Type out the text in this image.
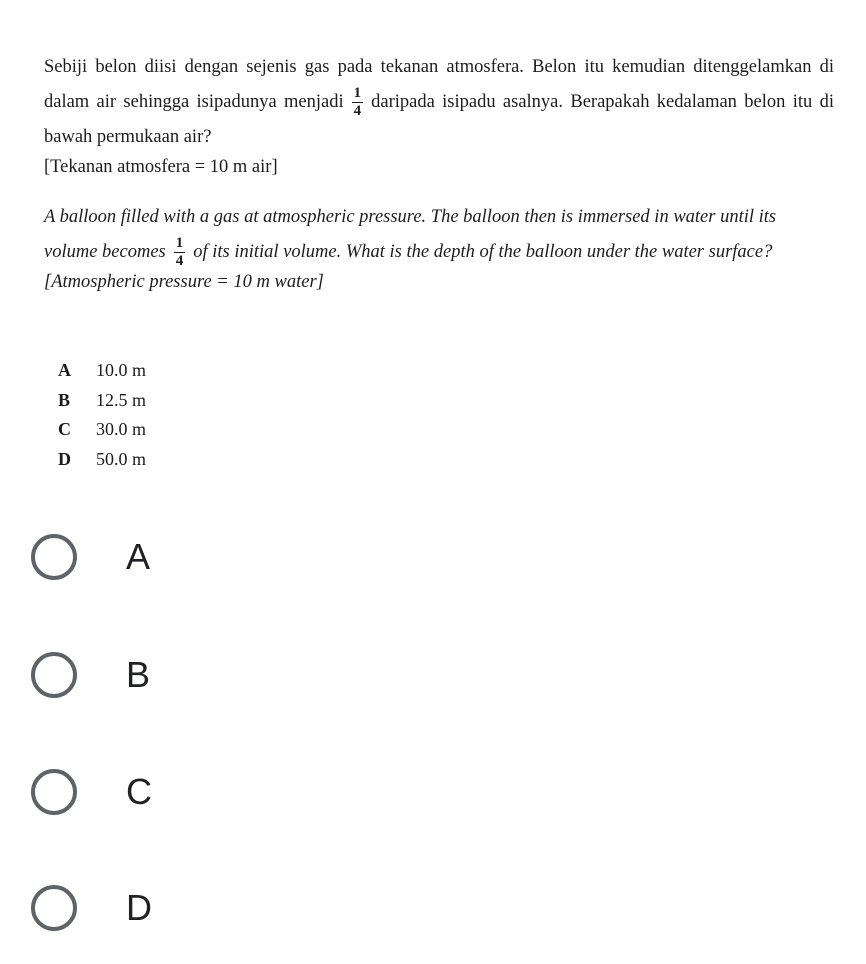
Sebiji belon diisi dengan sejenis gas pada tekanan atmosfera. Belon itu kemudian ditenggelamkan di dalam air sehingga isipadunya menjadi $\frac{1}{4}$ daripada isipadu asalnya. Berapakah kedalaman belon itu di bawah permukaan air?
[Tekanan atmosfera = 10 m air]
A balloon filled with a gas at atmospheric pressure. The balloon then is immersed in water until its volume becomes $\frac{1}{4}$ of its initial volume. What is the depth of the balloon under the water surface?
[Atmospheric pressure = 10 m water]
A	10.0 m
B	12.5 m
C	30.0 m
D	50.0 m
A
B
C
D
